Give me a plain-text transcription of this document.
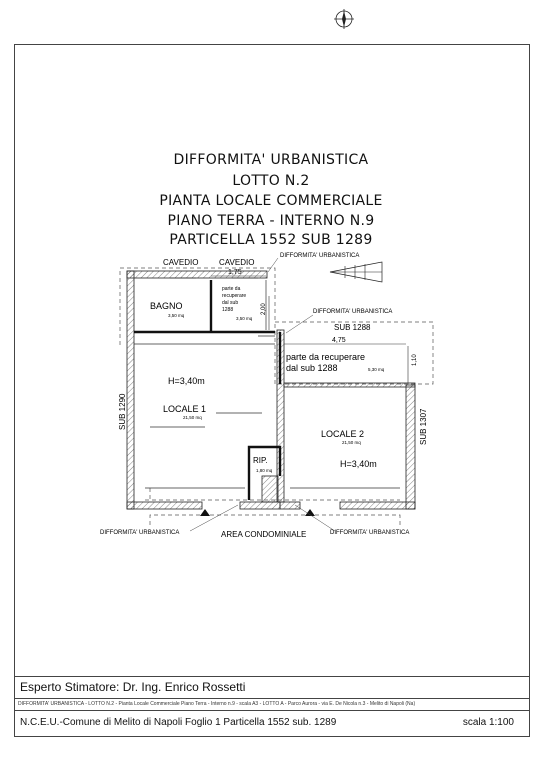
DIFFORMITA' URBANISTICA
LOTTO N.2
PIANTA LOCALE COMMERCIALE
PIANO TERRA - INTERNO N.9
PARTICELLA 1552 SUB 1289
CAVEDIO	CAVEDIO
1,75
2,00
4,75
1,10
DIFFORMITA' URBANISTICA
DIFFORMITA' URBANISTICA
DIFFORMITA' URBANISTICA	DIFFORMITA' URBANISTICA
SUB 1288
SUB 1290	SUB 1307
BAGNO
3,50 mq
parte da
recuperare
dal sub
1288
3,50 mq
parte da recuperare
dal sub 1288	5,30 mq
H=3,40m
LOCALE 1
21,50 mq
LOCALE 2
21,50 mq
H=3,40m
RIP.
1,80 mq
AREA CONDOMINIALE
Esperto Stimatore: Dr. Ing. Enrico Rossetti
DIFFORMITA' URBANISTICA - LOTTO N.2 - Pianta Locale Commerciale Piano Terra - Interno n.9 - scala A3 - LOTTO A - Parco Aurora - via E. De Nicola n.3 - Melito di Napoli (Na)
N.C.E.U.-Comune di Melito di Napoli Foglio 1 Particella 1552 sub. 1289	scala 1:100
